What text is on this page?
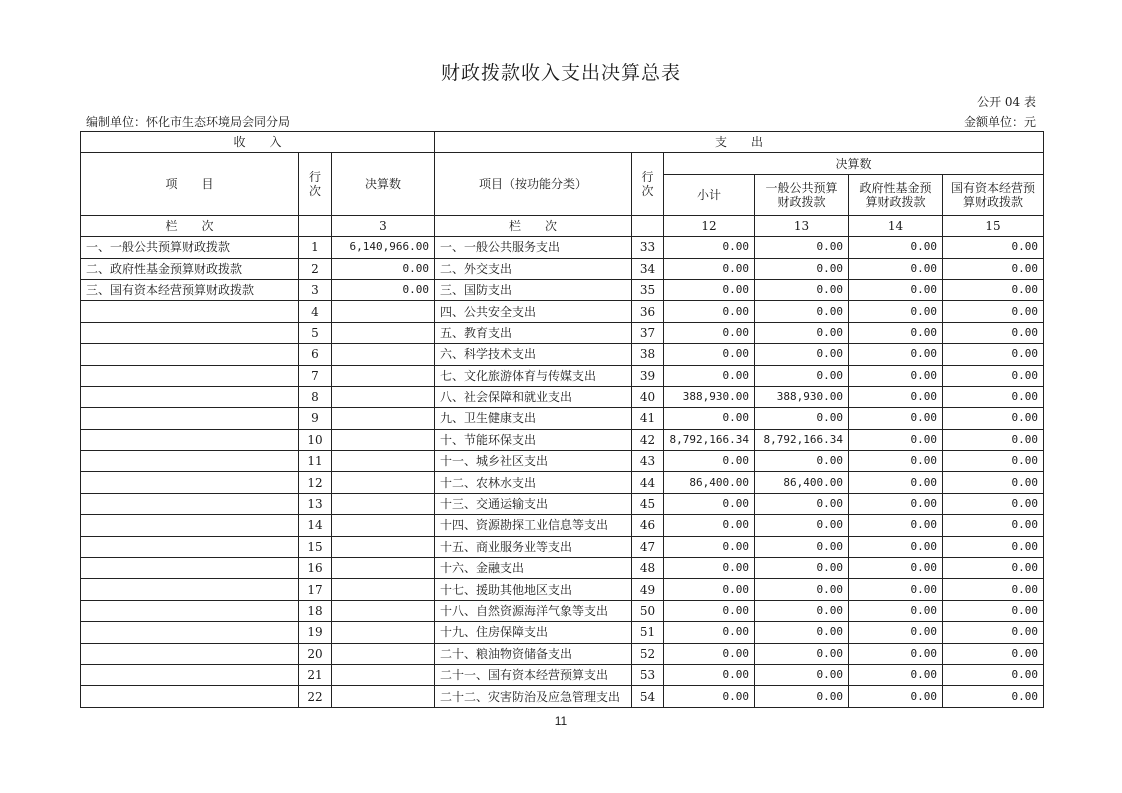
财政拨款收入支出决算总表
公开 04 表
编制单位：怀化市生态环境局会同分局	金额单位：元
收　　入			支　　出					
项　　目	行次	决算数	项目（按功能分类）	行次	决算数			
					小计	一般公共预算财政拨款	政府性基金预算财政拨款	国有资本经营预算财政拨款
栏　　次		3	栏　　次		12	13	14	15
一、一般公共预算财政拨款	1	6,140,966.00	一、一般公共服务支出	33	0.00	0.00	0.00	0.00
二、政府性基金预算财政拨款	2	0.00	二、外交支出	34	0.00	0.00	0.00	0.00
三、国有资本经营预算财政拨款	3	0.00	三、国防支出	35	0.00	0.00	0.00	0.00
	4		四、公共安全支出	36	0.00	0.00	0.00	0.00
	5		五、教育支出	37	0.00	0.00	0.00	0.00
	6		六、科学技术支出	38	0.00	0.00	0.00	0.00
	7		七、文化旅游体育与传媒支出	39	0.00	0.00	0.00	0.00
	8		八、社会保障和就业支出	40	388,930.00	388,930.00	0.00	0.00
	9		九、卫生健康支出	41	0.00	0.00	0.00	0.00
	10		十、节能环保支出	42	8,792,166.34	8,792,166.34	0.00	0.00
	11		十一、城乡社区支出	43	0.00	0.00	0.00	0.00
	12		十二、农林水支出	44	86,400.00	86,400.00	0.00	0.00
	13		十三、交通运输支出	45	0.00	0.00	0.00	0.00
	14		十四、资源勘探工业信息等支出	46	0.00	0.00	0.00	0.00
	15		十五、商业服务业等支出	47	0.00	0.00	0.00	0.00
	16		十六、金融支出	48	0.00	0.00	0.00	0.00
	17		十七、援助其他地区支出	49	0.00	0.00	0.00	0.00
	18		十八、自然资源海洋气象等支出	50	0.00	0.00	0.00	0.00
	19		十九、住房保障支出	51	0.00	0.00	0.00	0.00
	20		二十、粮油物资储备支出	52	0.00	0.00	0.00	0.00
	21		二十一、国有资本经营预算支出	53	0.00	0.00	0.00	0.00
	22		二十二、灾害防治及应急管理支出	54	0.00	0.00	0.00	0.00
11
